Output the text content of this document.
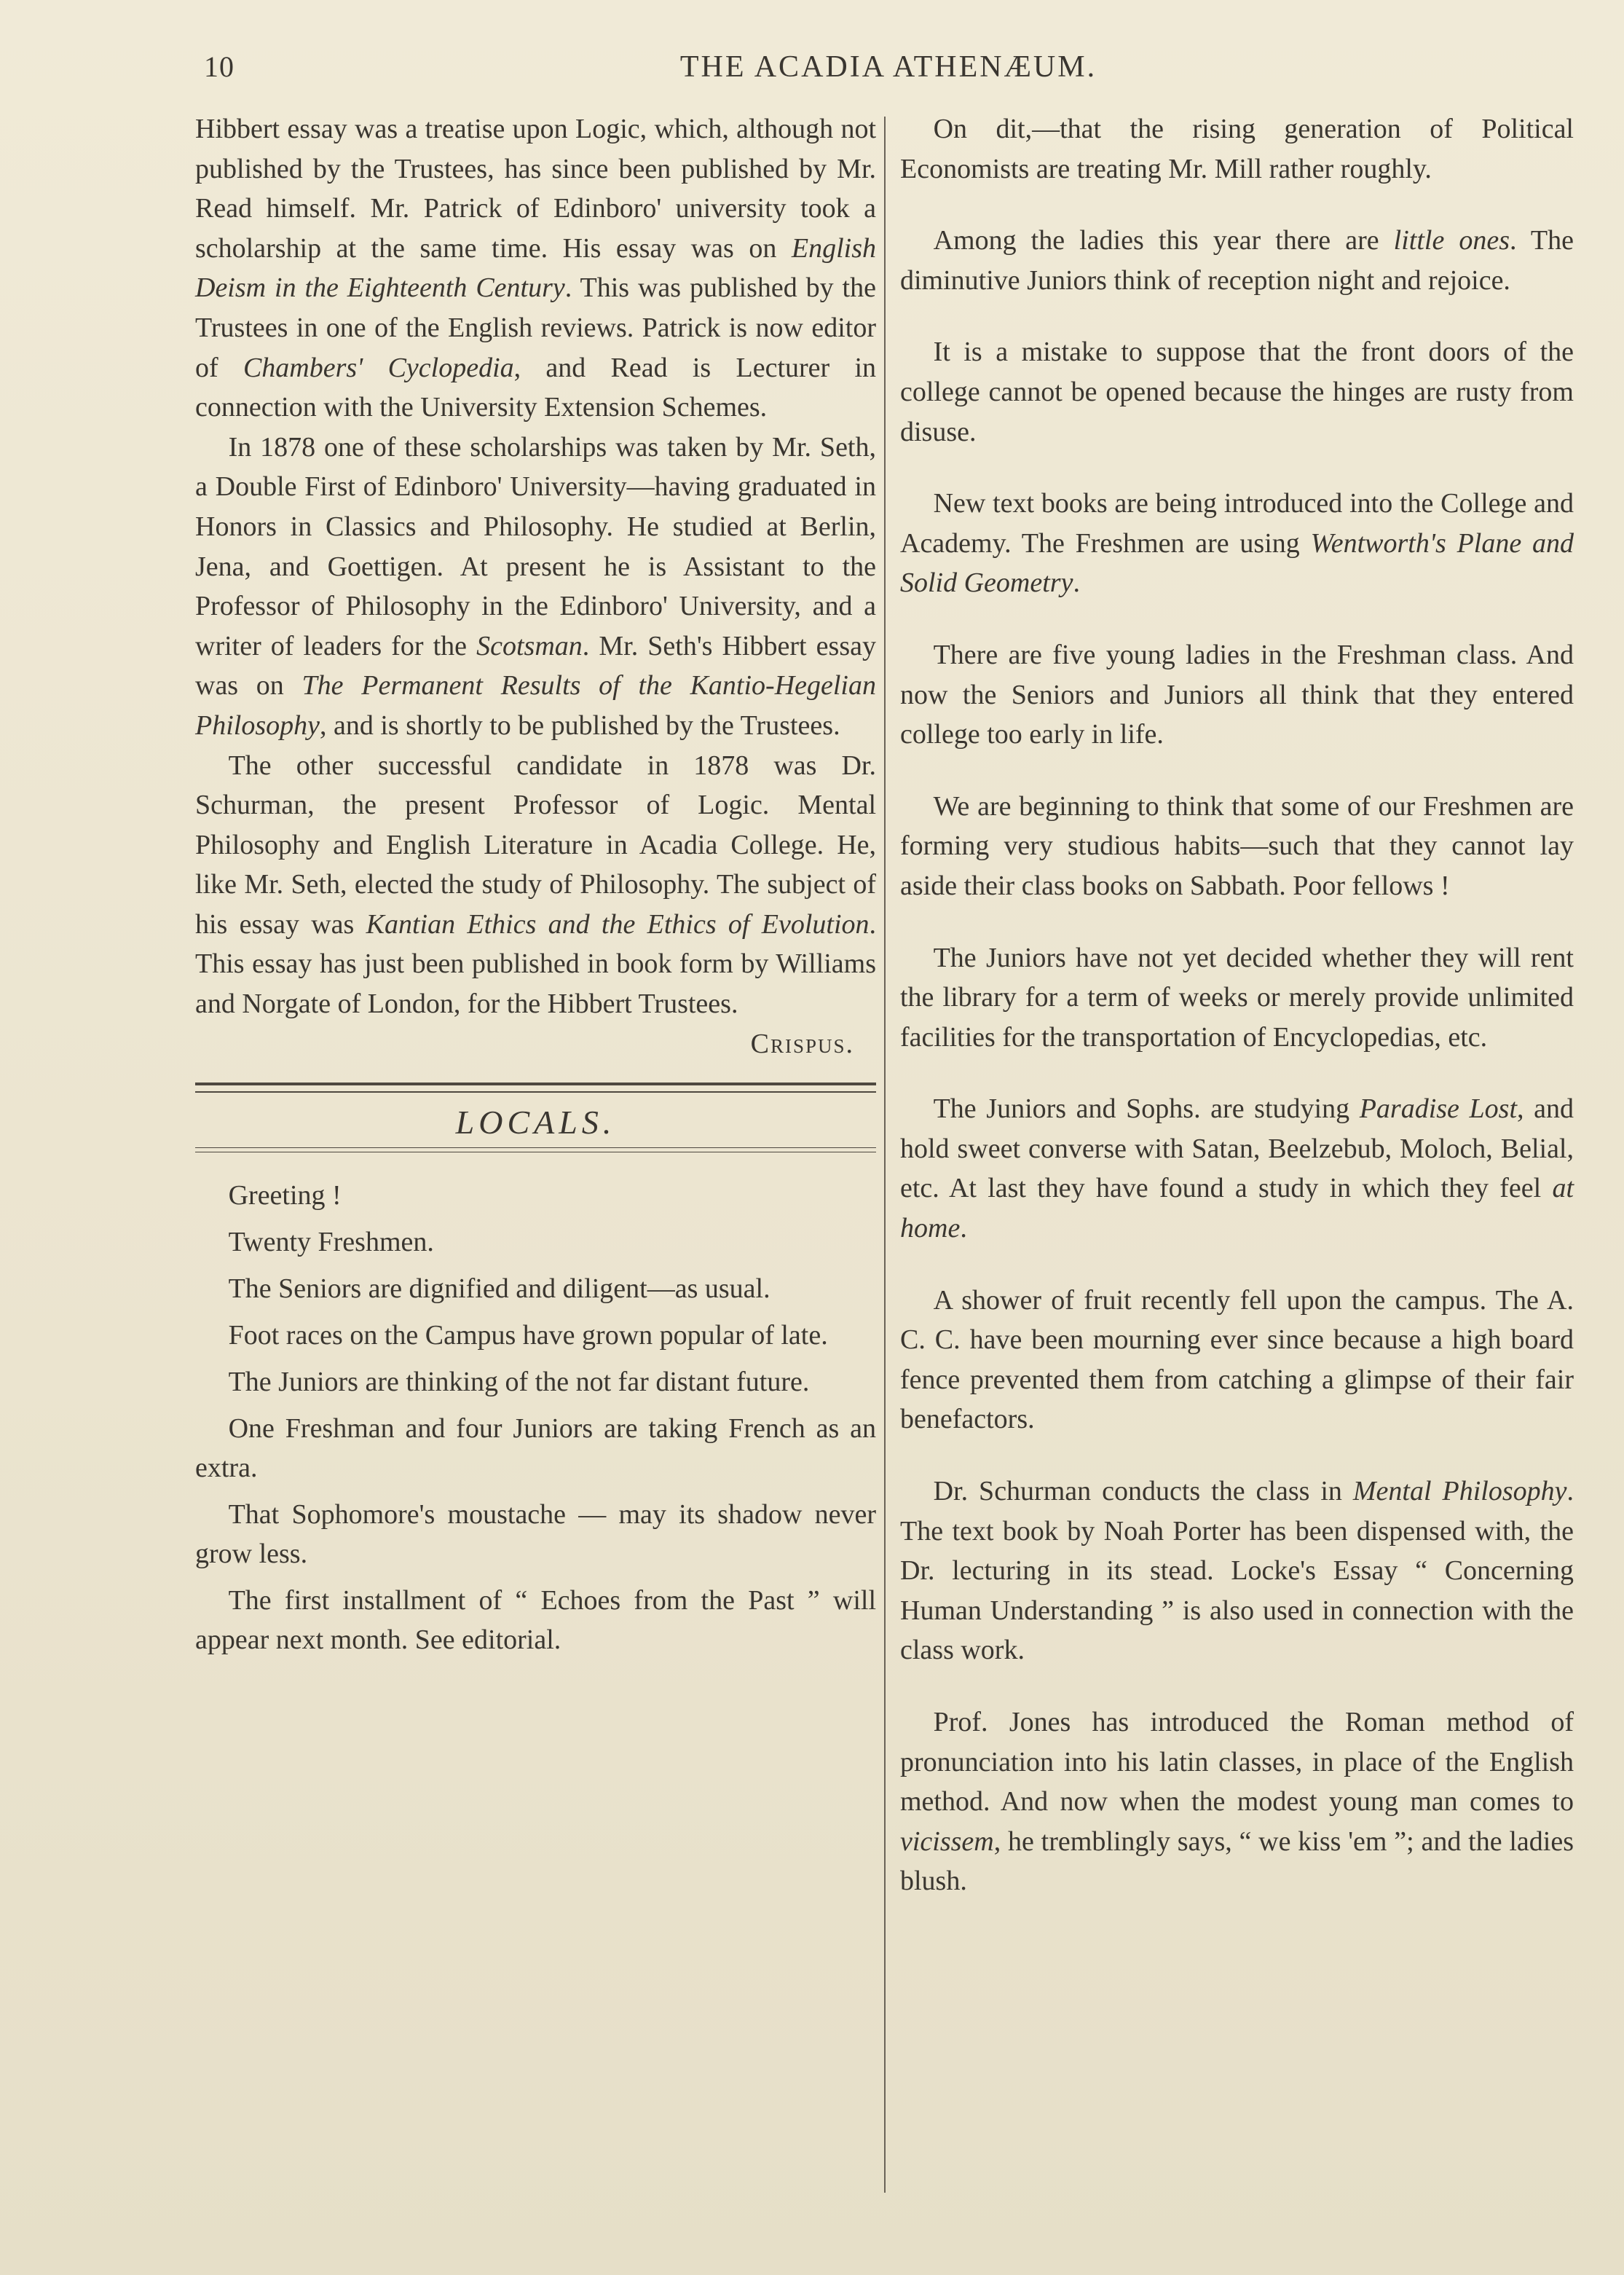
10	THE ACADIA ATHENÆUM.

Hibbert essay was a treatise upon Logic, which, although not published by the Trustees, has since been published by Mr. Read himself. Mr. Patrick of Edinboro' university took a scholarship at the same time. His essay was on English Deism in the Eighteenth Century. This was published by the Trustees in one of the English reviews. Patrick is now editor of Chambers' Cyclopedia, and Read is Lecturer in connection with the University Extension Schemes.

In 1878 one of these scholarships was taken by Mr. Seth, a Double First of Edinboro' University—having graduated in Honors in Classics and Philosophy. He studied at Berlin, Jena, and Goettigen. At present he is Assistant to the Professor of Philosophy in the Edinboro' University, and a writer of leaders for the Scotsman. Mr. Seth's Hibbert essay was on The Permanent Results of the Kantio-Hegelian Philosophy, and is shortly to be published by the Trustees.

The other successful candidate in 1878 was Dr. Schurman, the present Professor of Logic. Mental Philosophy and English Literature in Acadia College. He, like Mr. Seth, elected the study of Philosophy. The subject of his essay was Kantian Ethics and the Ethics of Evolution. This essay has just been published in book form by Williams and Norgate of London, for the Hibbert Trustees.

Crispus.

LOCALS.

Greeting !

Twenty Freshmen.

The Seniors are dignified and diligent—as usual.

Foot races on the Campus have grown popular of late.

The Juniors are thinking of the not far distant future.

One Freshman and four Juniors are taking French as an extra.

That Sophomore's moustache — may its shadow never grow less.

The first installment of “ Echoes from the Past ” will appear next month. See editorial.

On dit,—that the rising generation of Political Economists are treating Mr. Mill rather roughly.

Among the ladies this year there are little ones. The diminutive Juniors think of reception night and rejoice.

It is a mistake to suppose that the front doors of the college cannot be opened because the hinges are rusty from disuse.

New text books are being introduced into the College and Academy. The Freshmen are using Wentworth's Plane and Solid Geometry.

There are five young ladies in the Freshman class. And now the Seniors and Juniors all think that they entered college too early in life.

We are beginning to think that some of our Freshmen are forming very studious habits—such that they cannot lay aside their class books on Sabbath. Poor fellows !

The Juniors have not yet decided whether they will rent the library for a term of weeks or merely provide unlimited facilities for the transportation of Encyclopedias, etc.

The Juniors and Sophs. are studying Paradise Lost, and hold sweet converse with Satan, Beelzebub, Moloch, Belial, etc. At last they have found a study in which they feel at home.

A shower of fruit recently fell upon the campus. The A. C. C. have been mourning ever since because a high board fence prevented them from catching a glimpse of their fair benefactors.

Dr. Schurman conducts the class in Mental Philosophy. The text book by Noah Porter has been dispensed with, the Dr. lecturing in its stead. Locke's Essay “ Concerning Human Understanding ” is also used in connection with the class work.

Prof. Jones has introduced the Roman method of pronunciation into his latin classes, in place of the English method. And now when the modest young man comes to vicissem, he tremblingly says, “ we kiss 'em ”; and the ladies blush.
